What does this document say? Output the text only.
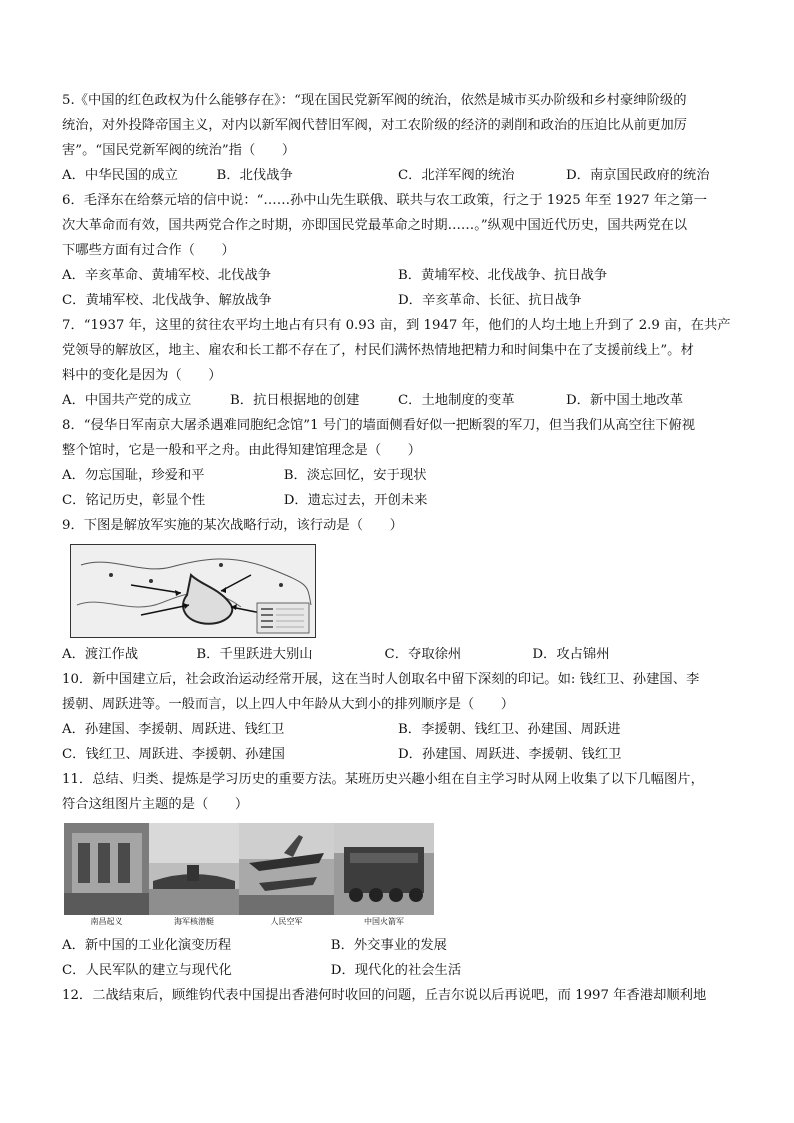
5.《中国的红色政权为什么能够存在》：“现在国民党新军阀的统治，依然是城市买办阶级和乡村豪绅阶级的

统治，对外投降帝国主义，对内以新军阀代替旧军阀，对工农阶级的经济的剥削和政治的压迫比从前更加厉

害”。“国民党新军阀的统治”指（　　）

A．中华民国的成立	B．北伐战争	C．北洋军阀的统治	D．南京国民政府的统治

6．毛泽东在给蔡元培的信中说：“……孙中山先生联俄、联共与农工政策，行之于 1925 年至 1927 年之第一

次大革命而有效，国共两党合作之时期，亦即国民党最革命之时期……。”纵观中国近代历史，国共两党在以

下哪些方面有过合作（　　）

A．辛亥革命、黄埔军校、北伐战争	B．黄埔军校、北伐战争、抗日战争
C．黄埔军校、北伐战争、解放战争	D．辛亥革命、长征、抗日战争

7．“1937 年，这里的贫往农平均土地占有只有 0.93 亩，到 1947 年，他们的人均土地上升到了 2.9 亩，在共产

党领导的解放区，地主、雇农和长工都不存在了，村民们满怀热情地把精力和时间集中在了支援前线上”。材

料中的变化是因为（　　）

A．中国共产党的成立	B．抗日根据地的创建	C．土地制度的变革	D．新中国土地改革

8．“侵华日军南京大屠杀遇难同胞纪念馆”1 号门的墙面侧看好似一把断裂的军刀，但当我们从高空往下俯视

整个馆时，它是一般和平之舟。由此得知建馆理念是（　　）

A．勿忘国耻，珍爱和平	B．淡忘回忆，安于现状
C．铭记历史，彰显个性	D．遗忘过去，开创未来

9．下图是解放军实施的某次战略行动，该行动是（　　）

A．渡江作战	B．千里跃进大别山	C．夺取徐州	D．攻占锦州

10．新中国建立后，社会政治运动经常开展，这在当时人创取名中留下深刻的印记。如: 钱红卫、孙建国、李

援朝、周跃进等。一般而言，以上四人中年龄从大到小的排列顺序是（　　）

A．孙建国、李援朝、周跃进、钱红卫	B．李援朝、钱红卫、孙建国、周跃进
C．钱红卫、周跃进、李援朝、孙建国	D．孙建国、周跃进、李援朝、钱红卫

11．总结、归类、提炼是学习历史的重要方法。某班历史兴趣小组在自主学习时从网上收集了以下几幅图片，

符合这组图片主题的是（　　）

南昌起义	海军核潜艇	人民空军	中国火箭军
A．新中国的工业化演变历程	B．外交事业的发展
C．人民军队的建立与现代化	D．现代化的社会生活

12．二战结束后，顾维钧代表中国提出香港何时收回的问题，丘吉尔说以后再说吧，而 1997 年香港却顺利地
